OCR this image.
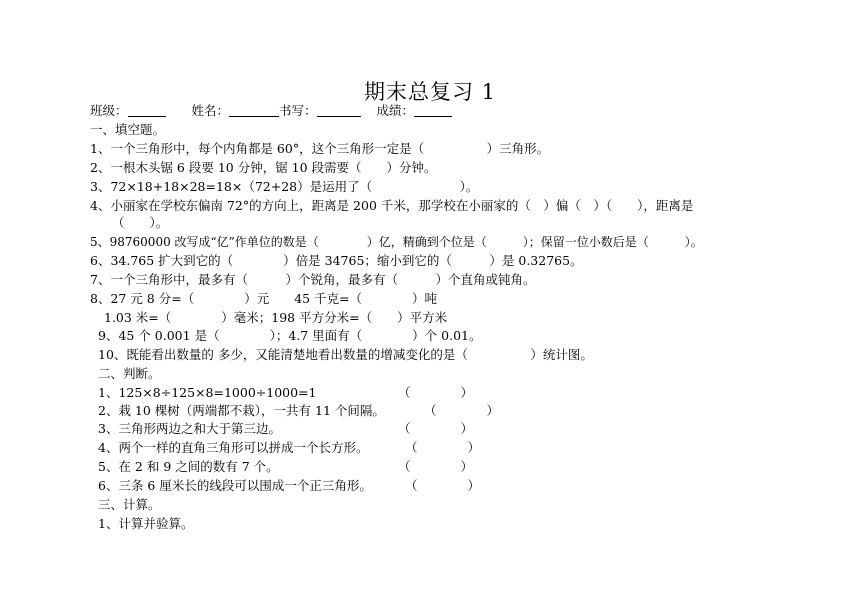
期末总复习 1
班级：	姓名：	书写：	成绩：
一、填空题。
1、一个三角形中，每个内角都是 60°，这个三角形一定是（　　　　　）三角形。
2、一根木头锯 6 段要 10 分钟，锯 10 段需要（　　）分钟。
3、72×18+18×28=18×（72+28）是运用了（　　　　　　　）。
4、小丽家在学校东偏南 72°的方向上，距离是 200 千米，那学校在小丽家的（　）偏（　）（　　），距离是
（　　）。
5、98760000 改写成“亿”作单位的数是（　　　　）亿，精确到个位是（　　　）；保留一位小数后是（　　　）。
6、34.765 扩大到它的（　　　　）倍是 34765；缩小到它的（　　　）是 0.32765。
7、一个三角形中，最多有（　　　）个锐角，最多有（　　　）个直角或钝角。
8、27 元 8 分=（　　　　）元　　45 千克=（　　　　）吨
1.03 米=（　　　　）毫米；198 平方分米=（　　）平方米
9、45 个 0.001 是（　　　　）；4.7 里面有（　　　　）个 0.01。
10、既能看出数量的 多少，又能清楚地看出数量的增减变化的是（　　　　　）统计图。
二、判断。
1、125×8÷125×8=1000÷1000=1	（　　　　）
2、栽 10 棵树（两端都不栽），一共有 11 个间隔。	（　　　　）
3、三角形两边之和大于第三边。	（　　　　）
4、两个一样的直角三角形可以拼成一个长方形。	（　　　　）
5、在 2 和 9 之间的数有 7 个。	（　　　　）
6、三条 6 厘米长的线段可以围成一个正三角形。	（　　　　）
三、计算。
1、计算并验算。
